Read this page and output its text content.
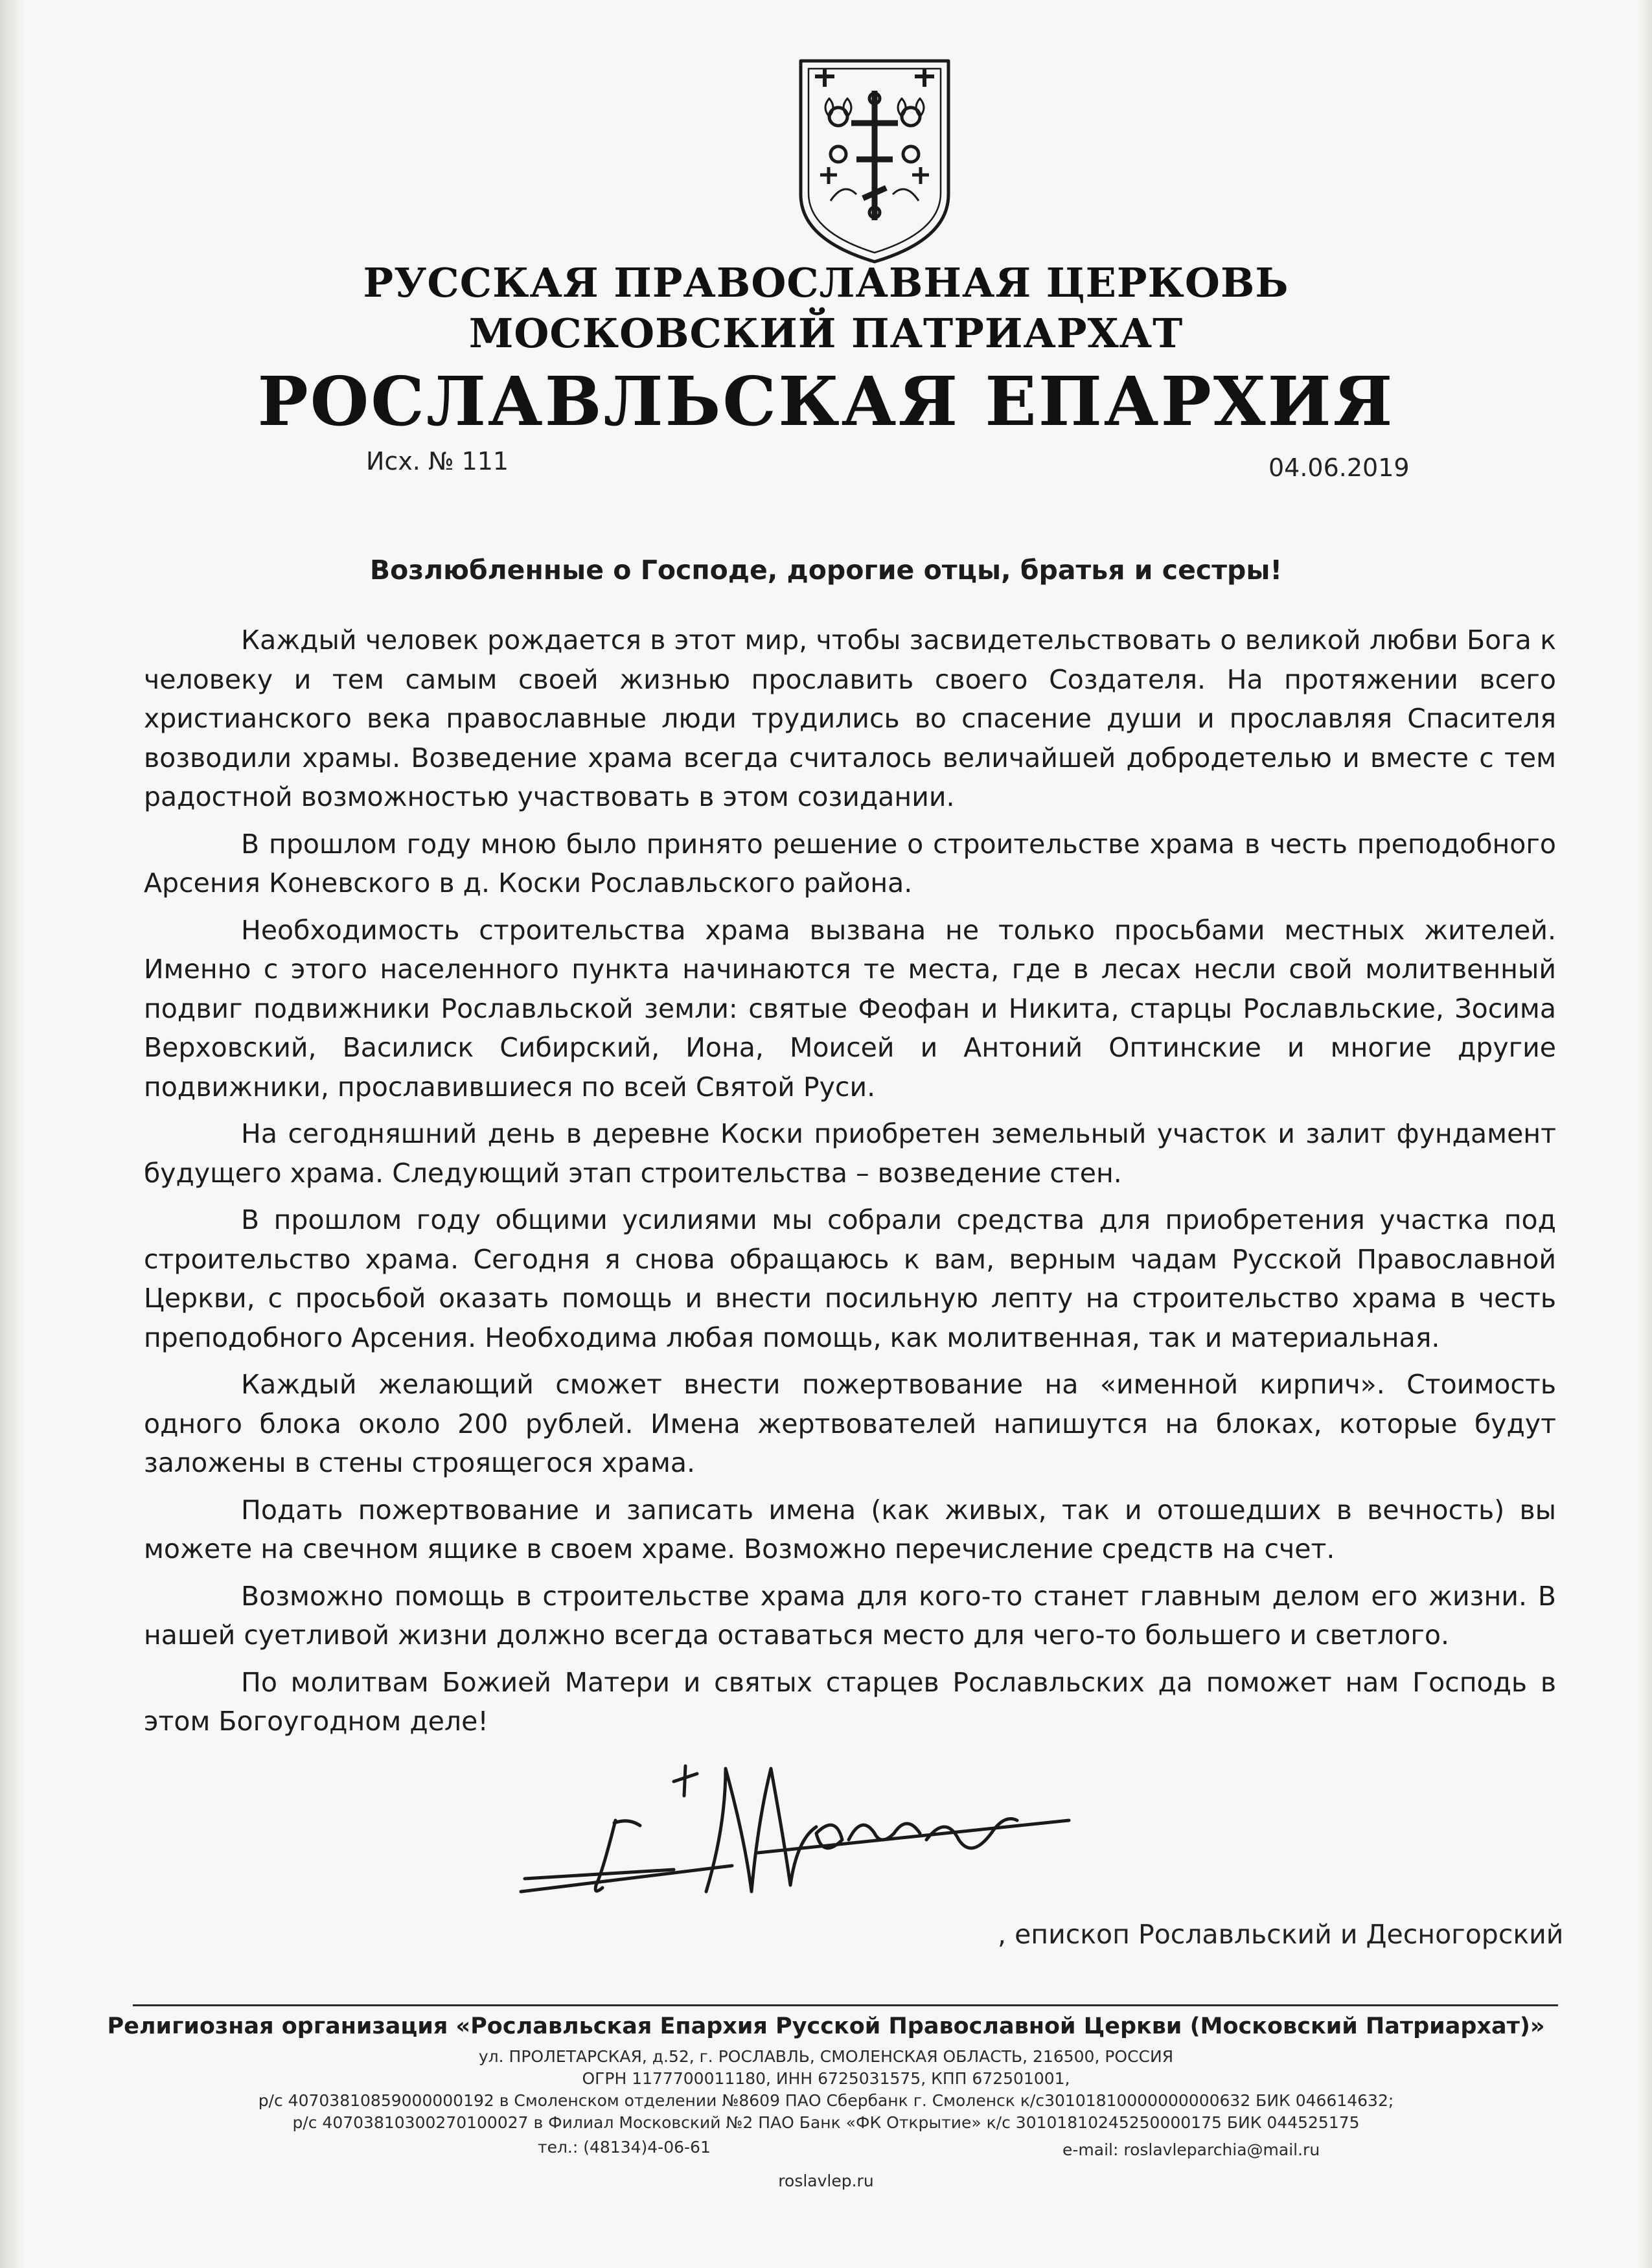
РУССКАЯ ПРАВОСЛАВНАЯ ЦЕРКОВЬ
МОСКОВСКИЙ ПАТРИАРХАТ
РОСЛАВЛЬСКАЯ ЕПАРХИЯ
Исх. № 111	04.06.2019

Возлюбленные о Господе, дорогие отцы, братья и сестры!

Каждый человек рождается в этот мир, чтобы засвидетельствовать о великой любви Бога к человеку и тем самым своей жизнью прославить своего Создателя. На протяжении всего христианского века православные люди трудились во спасение души и прославляя Спасителя возводили храмы. Возведение храма всегда считалось величайшей добродетелью и вместе с тем радостной возможностью участвовать в этом созидании.

В прошлом году мною было принято решение о строительстве храма в честь преподобного Арсения Коневского в д. Коски Рославльского района.

Необходимость строительства храма вызвана не только просьбами местных жителей. Именно с этого населенного пункта начинаются те места, где в лесах несли свой молитвенный подвиг подвижники Рославльской земли: святые Феофан и Никита, старцы Рославльские, Зосима Верховский, Василиск Сибирский, Иона, Моисей и Антоний Оптинские и многие другие подвижники, прославившиеся по всей Святой Руси.

На сегодняшний день в деревне Коски приобретен земельный участок и залит фундамент будущего храма. Следующий этап строительства – возведение стен.

В прошлом году общими усилиями мы собрали средства для приобретения участка под строительство храма. Сегодня я снова обращаюсь к вам, верным чадам Русской Православной Церкви, с просьбой оказать помощь и внести посильную лепту на строительство храма в честь преподобного Арсения. Необходима любая помощь, как молитвенная, так и материальная.

Каждый желающий сможет внести пожертвование на «именной кирпич». Стоимость одного блока около 200 рублей. Имена жертвователей напишутся на блоках, которые будут заложены в стены строящегося храма.

Подать пожертвование и записать имена (как живых, так и отошедших в вечность) вы можете на свечном ящике в своем храме. Возможно перечисление средств на счет.

Возможно помощь в строительстве храма для кого-то станет главным делом его жизни. В нашей суетливой жизни должно всегда оставаться место для чего-то большего и светлого.

По молитвам Божией Матери и святых старцев Рославльских да поможет нам Господь в этом Богоугодном деле!

, епископ Рославльский и Десногорский

Религиозная организация «Рославльская Епархия Русской Православной Церкви (Московский Патриархат)»

ул. ПРОЛЕТАРСКАЯ, д.52, г. РОСЛАВЛЬ, СМОЛЕНСКАЯ ОБЛАСТЬ, 216500, РОССИЯ

ОГРН 1177700011180, ИНН 6725031575, КПП 672501001,

р/с 40703810859000000192 в Смоленском отделении №8609 ПАО Сбербанк г. Смоленск к/с30101810000000000632 БИК 046614632;

р/с 40703810300270100027 в Филиал Московский №2 ПАО Банк «ФК Открытие» к/с 30101810245250000175 БИК 044525175

тел.: (48134)4-06-61	e-mail: roslavleparchia@mail.ru

roslavlep.ru
